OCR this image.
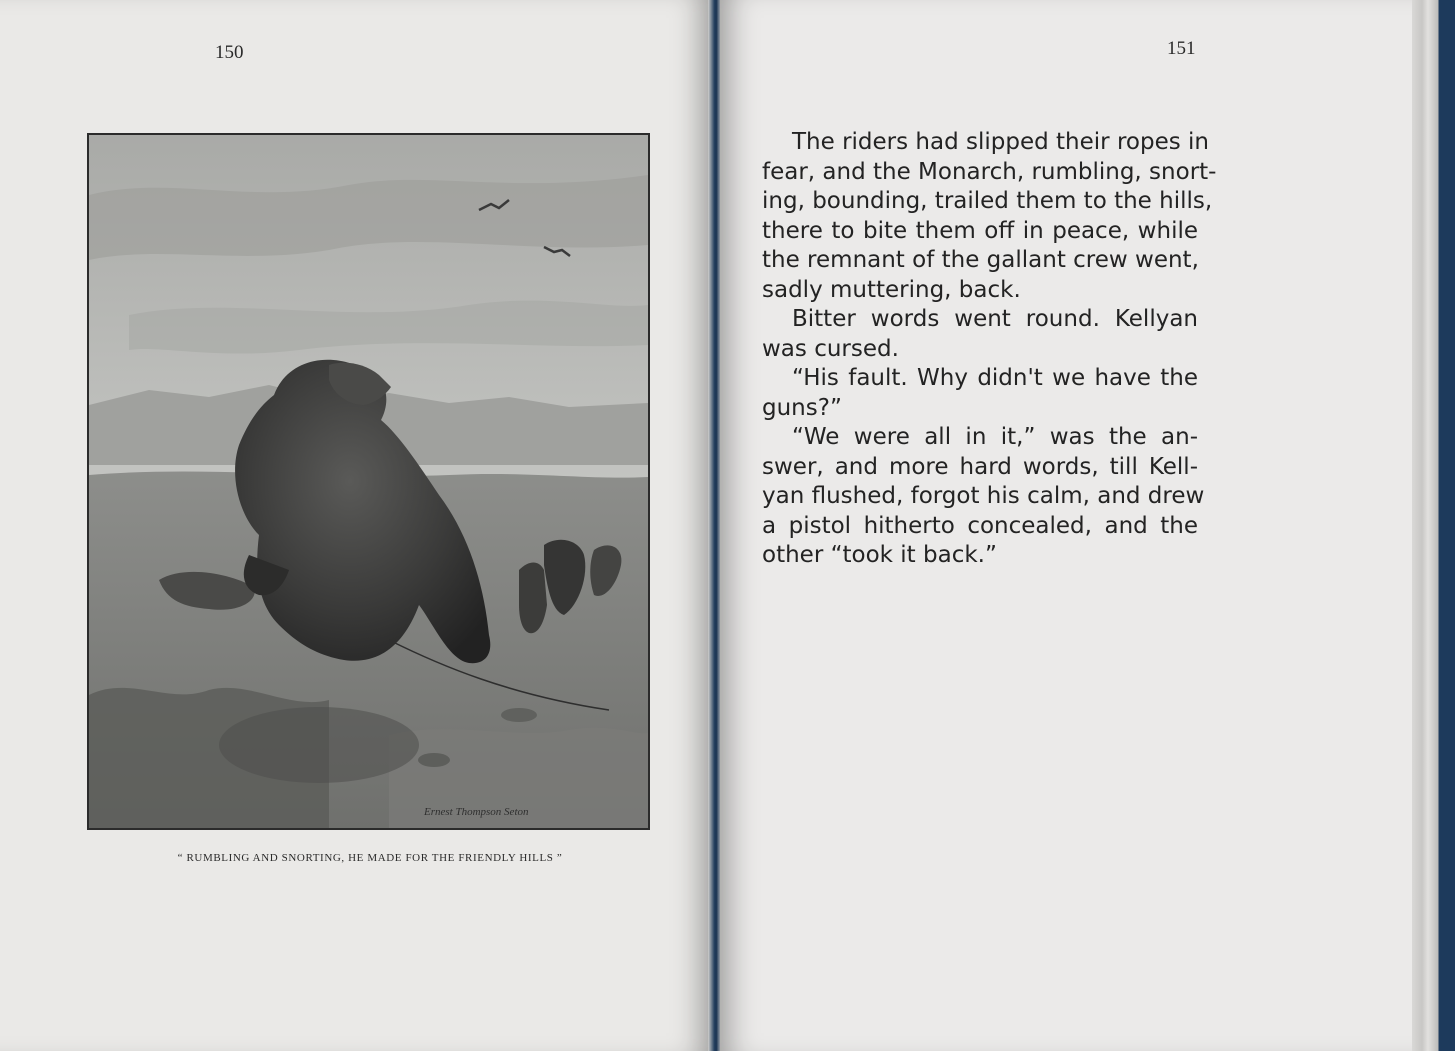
150
Ernest Thompson Seton
“ RUMBLING AND SNORTING, HE MADE FOR THE FRIENDLY HILLS ”
151

The riders had slipped their ropes in
fear, and the Monarch, rumbling, snort-
ing, bounding, trailed them to the hills,
there to bite them off in peace, while
the remnant of the gallant crew went,
sadly muttering, back.

Bitter words went round. Kellyan
was cursed.

“His fault. Why didn't we have the
guns?”

“We were all in it,” was the an-
swer, and more hard words, till Kell-
yan flushed, forgot his calm, and drew
a pistol hitherto concealed, and the
other “took it back.”
